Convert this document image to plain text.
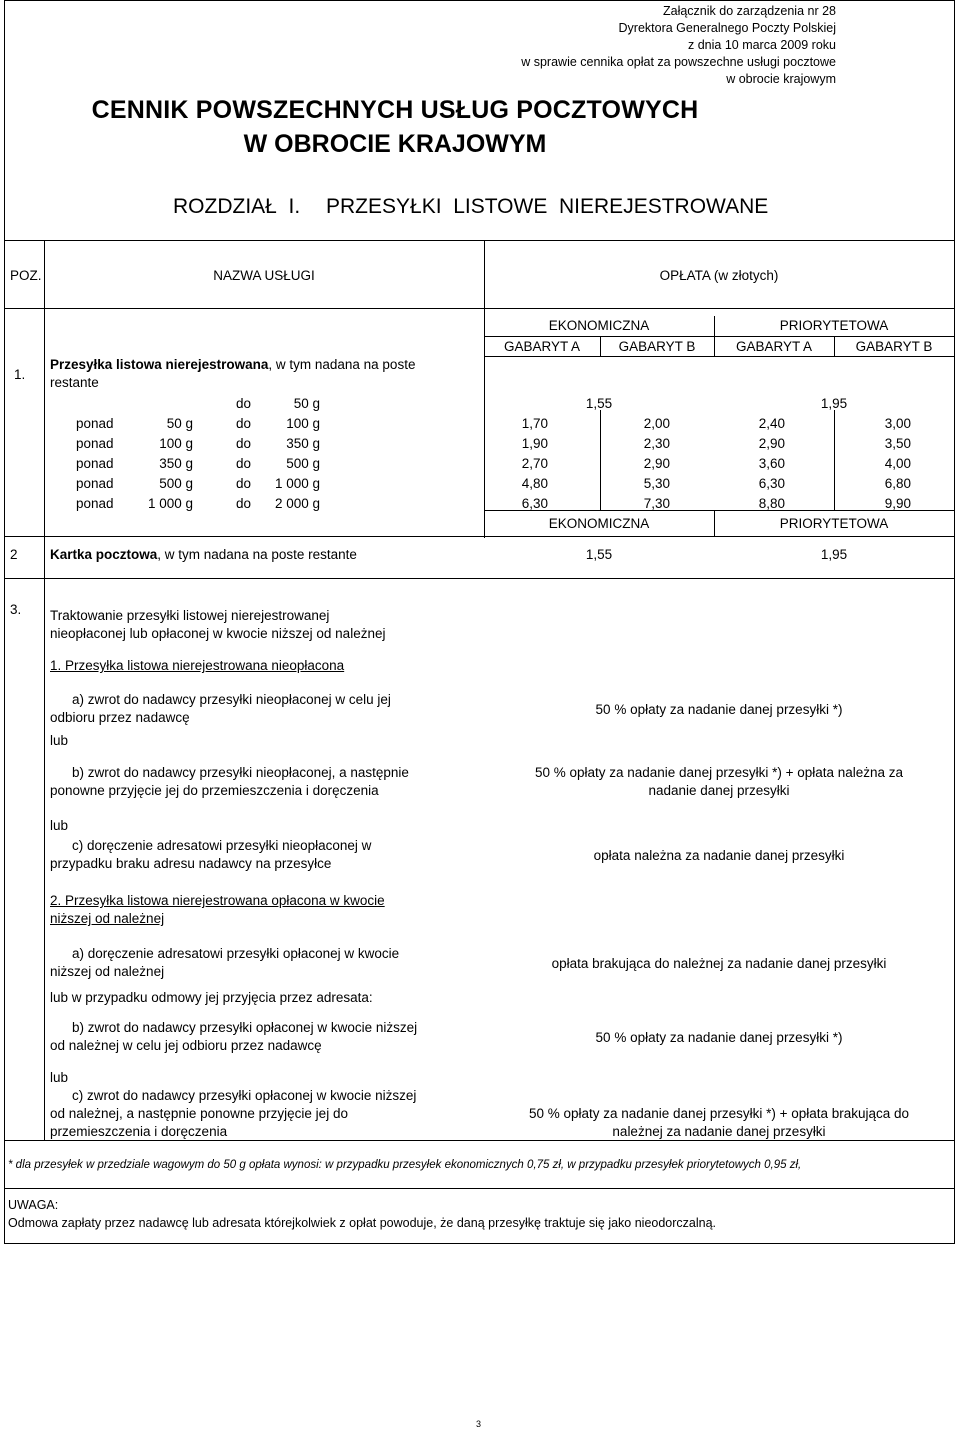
Załącznik do zarządzenia nr 28
Dyrektora Generalnego Poczty Polskiej
z dnia 10 marca 2009 roku
w sprawie cennika opłat za powszechne usługi pocztowe
w obrocie krajowym
CENNIK POWSZECHNYCH USŁUG POCZTOWYCH
W OBROCIE KRAJOWYM
ROZDZIAŁ  I. PRZESYŁKI  LISTOWE  NIEREJESTROWANE
POZ.	NAZWA USŁUGI	OPŁATA (w złotych)
1.
Przesyłka listowa nierejestrowana, w tym nadana na poste
restante
EKONOMICZNA	PRIORYTETOWA
GABARYT A	GABARYT B	GABARYT A	GABARYT B
do	50 g	1,55	1,95
ponad	50 g	do	100 g	1,70	2,00	2,40	3,00
ponad	100 g	do	350 g	1,90	2,30	2,90	3,50
ponad	350 g	do	500 g	2,70	2,90	3,60	4,00
ponad	500 g	do 1 000 g	4,80	5,30	6,30	6,80
ponad	1 000 g	do 2 000 g	6,30	7,30	8,80	9,90
EKONOMICZNA	PRIORYTETOWA
2 Kartka pocztowa, w tym nadana na poste restante	1,55	1,95
3. Traktowanie przesyłki listowej nierejestrowanej
nieopłaconej lub opłaconej w kwocie niższej od należnej
1. Przesyłka listowa nierejestrowana nieopłacona
a) zwrot do nadawcy przesyłki nieopłaconej w celu jej
odbioru przez nadawcę
50 % opłaty za nadanie danej przesyłki *)
lub
b) zwrot do nadawcy przesyłki nieopłaconej, a następnie
ponowne przyjęcie jej do przemieszczenia i doręczenia
50 % opłaty za nadanie danej przesyłki *) + opłata należna za
nadanie danej przesyłki
lub
c) doręczenie adresatowi przesyłki nieopłaconej w
przypadku braku adresu nadawcy na przesyłce
opłata należna za nadanie danej przesyłki
2. Przesyłka listowa nierejestrowana opłacona w kwocie
niższej od należnej
a) doręczenie adresatowi przesyłki opłaconej w kwocie
niższej od należnej
opłata brakująca do należnej za nadanie danej przesyłki
lub w przypadku odmowy jej przyjęcia przez adresata:
b) zwrot do nadawcy przesyłki opłaconej w kwocie niższej
od należnej w celu jej odbioru przez nadawcę
50 % opłaty za nadanie danej przesyłki *)
lub
c) zwrot do nadawcy przesyłki opłaconej w kwocie niższej
od należnej, a następnie ponowne przyjęcie jej do
przemieszczenia i doręczenia
50 % opłaty za nadanie danej przesyłki *) + opłata brakująca do
należnej za nadanie danej przesyłki
* dla przesyłek w przedziale wagowym do 50 g opłata wynosi: w przypadku przesyłek ekonomicznych 0,75 zł, w przypadku przesyłek priorytetowych 0,95 zł,
UWAGA:
Odmowa zapłaty przez nadawcę lub adresata którejkolwiek z opłat powoduje, że daną przesyłkę traktuje się jako nieodorczalną.
3
